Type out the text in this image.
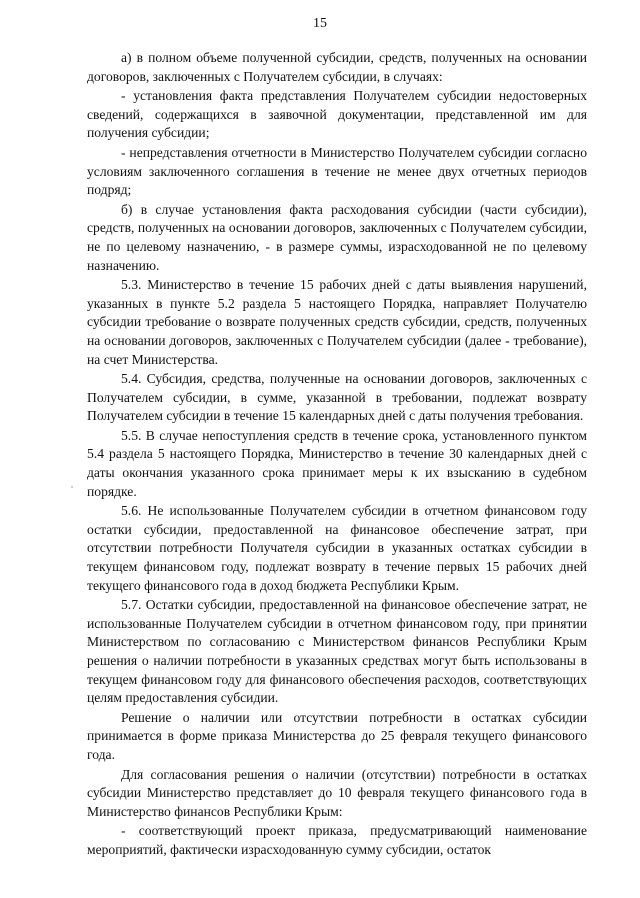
15

а) в полном объеме полученной субсидии, средств, полученных на основании договоров, заключенных с Получателем субсидии, в случаях:

- установления факта представления Получателем субсидии недостоверных сведений, содержащихся в заявочной документации, представленной им для получения субсидии;

- непредставления отчетности в Министерство Получателем субсидии согласно условиям заключенного соглашения в течение не менее двух отчетных периодов подряд;

б) в случае установления факта расходования субсидии (части субсидии), средств, полученных на основании договоров, заключенных с Получателем субсидии, не по целевому назначению, - в размере суммы, израсходованной не по целевому назначению.

5.3. Министерство в течение 15 рабочих дней с даты выявления нарушений, указанных в пункте 5.2 раздела 5 настоящего Порядка, направляет Получателю субсидии требование о возврате полученных средств субсидии, средств, полученных на основании договоров, заключенных с Получателем субсидии (далее - требование), на счет Министерства.

5.4. Субсидия, средства, полученные на основании договоров, заключенных с Получателем субсидии, в сумме, указанной в требовании, подлежат возврату Получателем субсидии в течение 15 календарных дней с даты получения требования.

5.5. В случае непоступления средств в течение срока, установленного пунктом 5.4 раздела 5 настоящего Порядка, Министерство в течение 30 календарных дней с даты окончания указанного срока принимает меры к их взысканию в судебном порядке.

5.6. Не использованные Получателем субсидии в отчетном финансовом году остатки субсидии, предоставленной на финансовое обеспечение затрат, при отсутствии потребности Получателя субсидии в указанных остатках субсидии в текущем финансовом году, подлежат возврату в течение первых 15 рабочих дней текущего финансового года в доход бюджета Республики Крым.

5.7. Остатки субсидии, предоставленной на финансовое обеспечение затрат, не использованные Получателем субсидии в отчетном финансовом году, при принятии Министерством по согласованию с Министерством финансов Республики Крым решения о наличии потребности в указанных средствах могут быть использованы в текущем финансовом году для финансового обеспечения расходов, соответствующих целям предоставления субсидии.

Решение о наличии или отсутствии потребности в остатках субсидии принимается в форме приказа Министерства до 25 февраля текущего финансового года.

Для согласования решения о наличии (отсутствии) потребности в остатках субсидии Министерство представляет до 10 февраля текущего финансового года в Министерство финансов Республики Крым:

- соответствующий проект приказа, предусматривающий наименование мероприятий, фактически израсходованную сумму субсидии, остаток

˙
